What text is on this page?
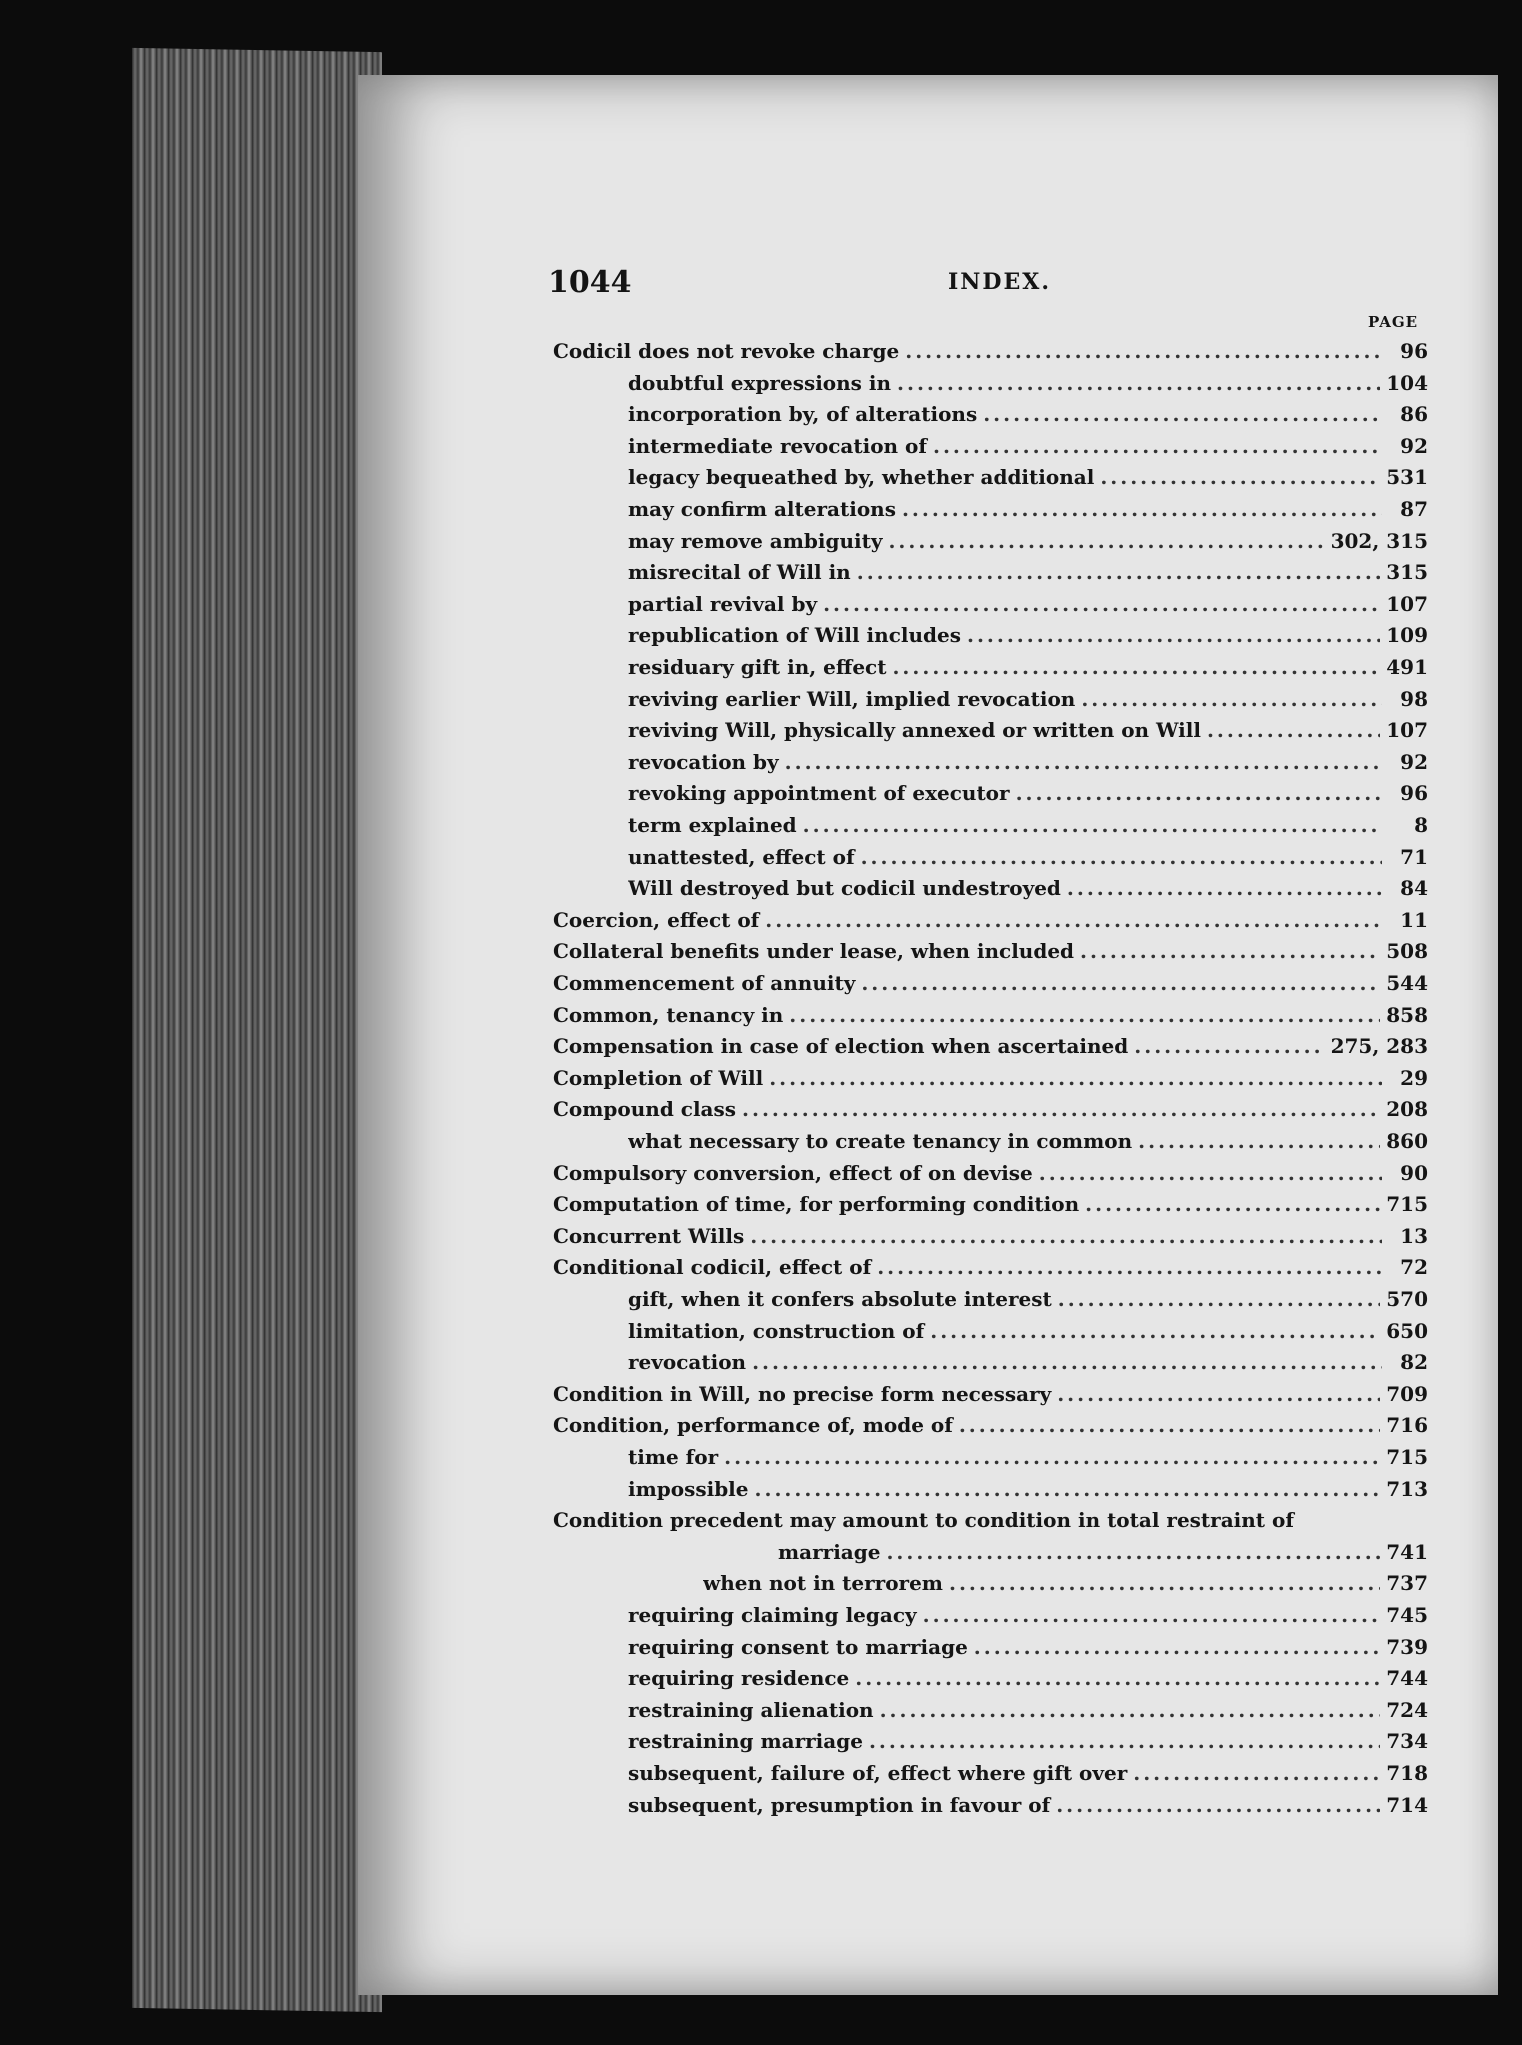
1044	INDEX.
PAGE
Codicil does not revoke charge .....	96
doubtful expressions in .....	104
incorporation by, of alterations .....	86
intermediate revocation of .....	92
legacy bequeathed by, whether additional .....	531
may confirm alterations .....	87
may remove ambiguity .....	302, 315
misrecital of Will in .....	315
partial revival by .....	107
republication of Will includes .....	109
residuary gift in, effect .....	491
reviving earlier Will, implied revocation .....	98
reviving Will, physically annexed or written on Will .....	107
revocation by .....	92
revoking appointment of executor .....	96
term explained .....	8
unattested, effect of .....	71
Will destroyed but codicil undestroyed .....	84
Coercion, effect of .....	11
Collateral benefits under lease, when included .....	508
Commencement of annuity .....	544
Common, tenancy in .....	858
Compensation in case of election when ascertained .....	275, 283
Completion of Will .....	29
Compound class .....	208
what necessary to create tenancy in common .....	860
Compulsory conversion, effect of on devise .....	90
Computation of time, for performing condition .....	715
Concurrent Wills .....	13
Conditional codicil, effect of .....	72
gift, when it confers absolute interest .....	570
limitation, construction of .....	650
revocation .....	82
Condition in Will, no precise form necessary .....	709
Condition, performance of, mode of .....	716
time for .....	715
impossible .....	713
Condition precedent may amount to condition in total restraint of
marriage .....	741
when not in terrorem .....	737
requiring claiming legacy .....	745
requiring consent to marriage .....	739
requiring residence .....	744
restraining alienation .....	724
restraining marriage .....	734
subsequent, failure of, effect where gift over .....	718
subsequent, presumption in favour of .....	714
